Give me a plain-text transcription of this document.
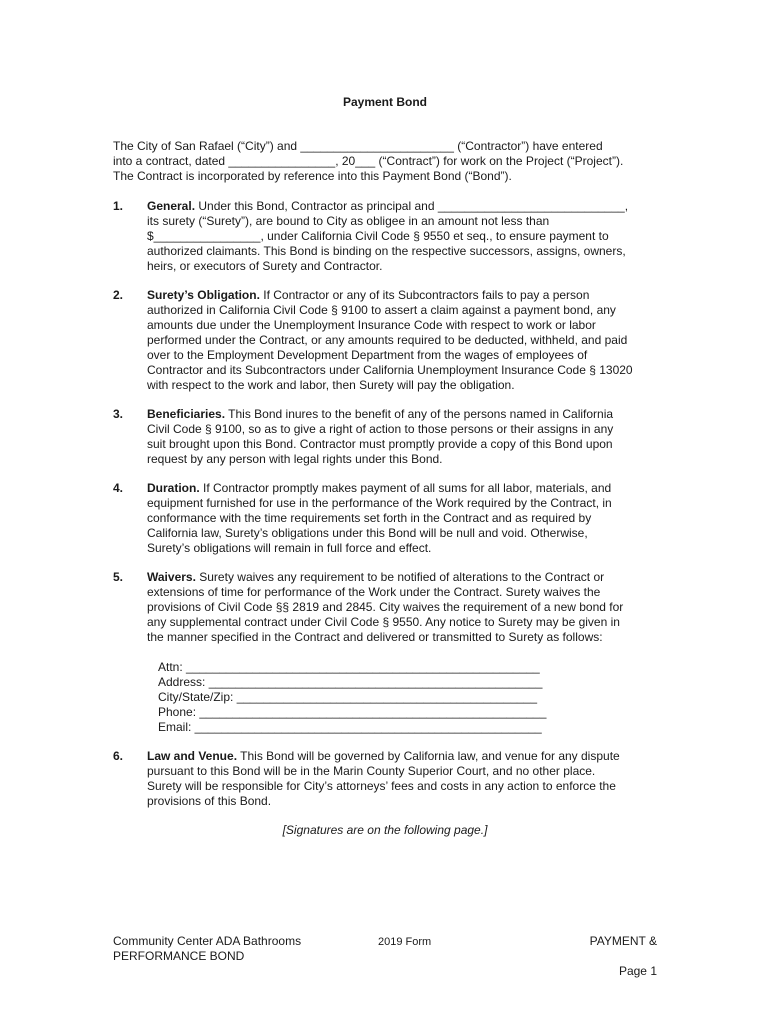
Payment Bond
The City of San Rafael (“City”) and _______________________ (“Contractor”) have entered
into a contract, dated ________________, 20___ (“Contract”) for work on the Project (“Project”).
The Contract is incorporated by reference into this Payment Bond (“Bond”).
1. General. Under this Bond, Contractor as principal and ____________________________,
its surety (“Surety”), are bound to City as obligee in an amount not less than
$________________, under California Civil Code § 9550 et seq., to ensure payment to
authorized claimants. This Bond is binding on the respective successors, assigns, owners,
heirs, or executors of Surety and Contractor.
2. Surety’s Obligation. If Contractor or any of its Subcontractors fails to pay a person
authorized in California Civil Code § 9100 to assert a claim against a payment bond, any
amounts due under the Unemployment Insurance Code with respect to work or labor
performed under the Contract, or any amounts required to be deducted, withheld, and paid
over to the Employment Development Department from the wages of employees of
Contractor and its Subcontractors under California Unemployment Insurance Code § 13020
with respect to the work and labor, then Surety will pay the obligation.
3. Beneficiaries. This Bond inures to the benefit of any of the persons named in California
Civil Code § 9100, so as to give a right of action to those persons or their assigns in any
suit brought upon this Bond. Contractor must promptly provide a copy of this Bond upon
request by any person with legal rights under this Bond.
4. Duration. If Contractor promptly makes payment of all sums for all labor, materials, and
equipment furnished for use in the performance of the Work required by the Contract, in
conformance with the time requirements set forth in the Contract and as required by
California law, Surety’s obligations under this Bond will be null and void. Otherwise,
Surety’s obligations will remain in full force and effect.
5. Waivers. Surety waives any requirement to be notified of alterations to the Contract or
extensions of time for performance of the Work under the Contract. Surety waives the
provisions of Civil Code §§ 2819 and 2845. City waives the requirement of a new bond for
any supplemental contract under Civil Code § 9550. Any notice to Surety may be given in
the manner specified in the Contract and delivered or transmitted to Surety as follows:
Attn: _____________________________________________________
Address: __________________________________________________
City/State/Zip: _____________________________________________
Phone: ____________________________________________________
Email: ____________________________________________________
6. Law and Venue. This Bond will be governed by California law, and venue for any dispute
pursuant to this Bond will be in the Marin County Superior Court, and no other place.
Surety will be responsible for City’s attorneys’ fees and costs in any action to enforce the
provisions of this Bond.
[Signatures are on the following page.]
Community Center ADA Bathrooms
PERFORMANCE BOND
2019 Form	PAYMENT &
Page 1
